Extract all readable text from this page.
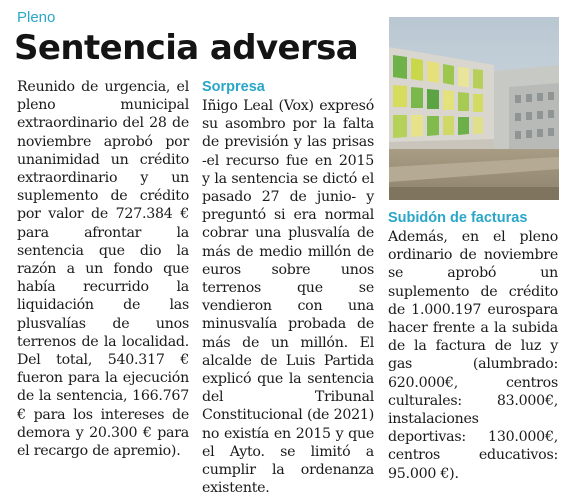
Pleno
Sentencia adversa

Reunido de urgencia, el pleno municipal extraordinario del 28 de noviembre aprobó por unanimidad un crédito extraordinario y un suplemento de crédito por valor de 727.384 € para afrontar la sentencia que dio la razón a un fondo que había recurrido la liquidación de las plusvalías de unos terrenos de la localidad. Del total, 540.317 € fueron para la ejecución de la sentencia, 166.767 € para los intereses de demora y 20.300 € para el recargo de apremio).

Sorpresa

Iñigo Leal (Vox) expresó su asombro por la falta de previsión y las prisas -el recurso fue en 2015 y la sentencia se dictó el pasado 27 de junio- y preguntó si era normal cobrar una plusvalía de más de medio millón de euros sobre unos terrenos que se vendieron con una minusvalía probada de más de un millón. El alcalde de Luis Partida explicó que la sentencia del Tribunal Constitucional (de 2021) no existía en 2015 y que el Ayto. se limitó a cumplir la ordenanza existente.

Subidón de facturas

Además, en el pleno ordinario de noviembre se aprobó un suplemento de crédito de 1.000.197 eurospara hacer frente a la subida de la factura de luz y gas (alumbrado: 620.000€, centros culturales: 83.000€, instalaciones deportivas: 130.000€, centros educativos: 95.000 €).
